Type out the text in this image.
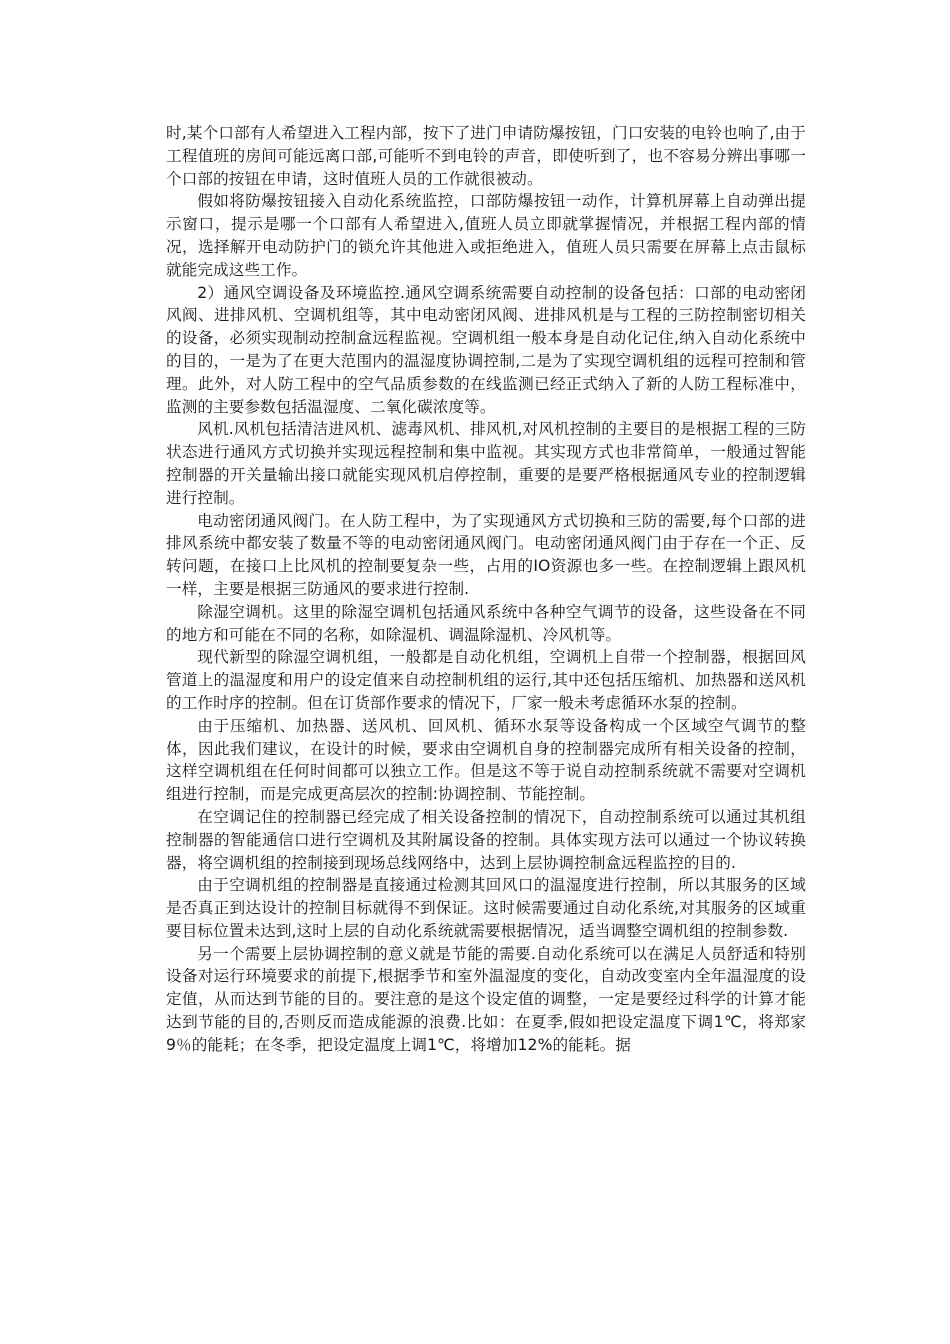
时,某个口部有人希望进入工程内部，按下了进门申请防爆按钮，门口安装的电铃也响了,由于工程值班的房间可能远离口部,可能听不到电铃的声音，即使听到了，也不容易分辨出事哪一个口部的按钮在申请，这时值班人员的工作就很被动。

假如将防爆按钮接入自动化系统监控，口部防爆按钮一动作，计算机屏幕上自动弹出提示窗口，提示是哪一个口部有人希望进入,值班人员立即就掌握情况，并根据工程内部的情况，选择解开电动防护门的锁允许其他进入或拒绝进入，值班人员只需要在屏幕上点击鼠标就能完成这些工作。

2）通风空调设备及环境监控.通风空调系统需要自动控制的设备包括：口部的电动密闭风阀、进排风机、空调机组等，其中电动密闭风阀、进排风机是与工程的三防控制密切相关的设备，必须实现制动控制盒远程监视。空调机组一般本身是自动化记住,纳入自动化系统中的目的，一是为了在更大范围内的温湿度协调控制,二是为了实现空调机组的远程可控制和管理。此外，对人防工程中的空气品质参数的在线监测已经正式纳入了新的人防工程标准中，监测的主要参数包括温湿度、二氧化碳浓度等。

风机.风机包括清洁进风机、滤毒风机、排风机,对风机控制的主要目的是根据工程的三防状态进行通风方式切换并实现远程控制和集中监视。其实现方式也非常简单，一般通过智能控制器的开关量输出接口就能实现风机启停控制，重要的是要严格根据通风专业的控制逻辑进行控制。

电动密闭通风阀门。在人防工程中，为了实现通风方式切换和三防的需要,每个口部的进排风系统中都安装了数量不等的电动密闭通风阀门。电动密闭通风阀门由于存在一个正、反转问题，在接口上比风机的控制要复杂一些，占用的IO资源也多一些。在控制逻辑上跟风机一样，主要是根据三防通风的要求进行控制.

除湿空调机。这里的除湿空调机包括通风系统中各种空气调节的设备，这些设备在不同的地方和可能在不同的名称，如除湿机、调温除湿机、冷风机等。

现代新型的除湿空调机组，一般都是自动化机组，空调机上自带一个控制器，根据回风管道上的温湿度和用户的设定值来自动控制机组的运行,其中还包括压缩机、加热器和送风机的工作时序的控制。但在订货部作要求的情况下，厂家一般未考虑循环水泵的控制。

由于压缩机、加热器、送风机、回风机、循环水泵等设备构成一个区域空气调节的整体，因此我们建议，在设计的时候，要求由空调机自身的控制器完成所有相关设备的控制，这样空调机组在任何时间都可以独立工作。但是这不等于说自动控制系统就不需要对空调机组进行控制，而是完成更高层次的控制:协调控制、节能控制。

在空调记住的控制器已经完成了相关设备控制的情况下，自动控制系统可以通过其机组控制器的智能通信口进行空调机及其附属设备的控制。具体实现方法可以通过一个协议转换器，将空调机组的控制接到现场总线网络中，达到上层协调控制盒远程监控的目的.

由于空调机组的控制器是直接通过检测其回风口的温湿度进行控制，所以其服务的区域是否真正到达设计的控制目标就得不到保证。这时候需要通过自动化系统,对其服务的区域重要目标位置未达到,这时上层的自动化系统就需要根据情况，适当调整空调机组的控制参数.

另一个需要上层协调控制的意义就是节能的需要.自动化系统可以在满足人员舒适和特别设备对运行环境要求的前提下,根据季节和室外温湿度的变化，自动改变室内全年温湿度的设定值，从而达到节能的目的。要注意的是这个设定值的调整，一定是要经过科学的计算才能达到节能的目的,否则反而造成能源的浪费.比如：在夏季,假如把设定温度下调1℃，将郑家9％的能耗；在冬季，把设定温度上调1℃，将增加12%的能耗。据
